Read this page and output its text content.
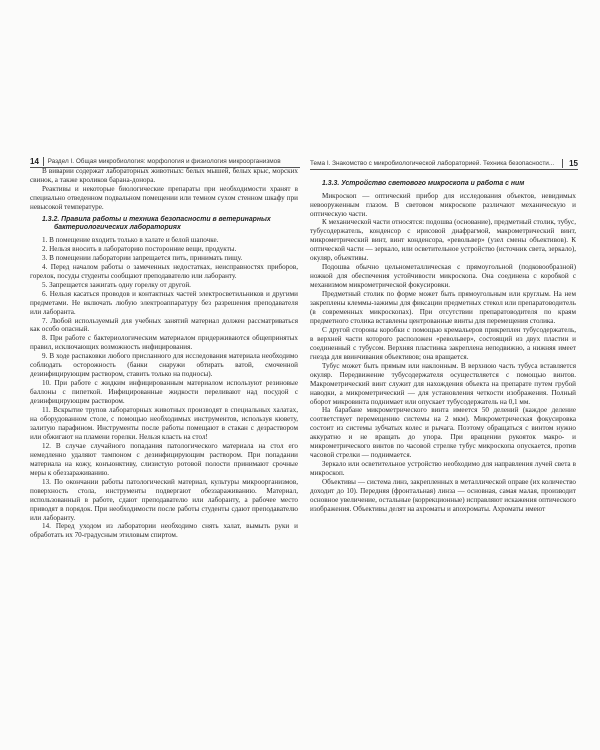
14 Раздел I. Общая микробиология: морфология и физиология микроорганизмов	Тема I. Знакомство с микробиологической лабораторией. Техника безопасности...	15

В виварии содержат лабораторных животных: белых мышей, белых крыс, морских свинок, а также кроликов барана-донора.

Реактивы и некоторые биологические препараты при необходимости хранят в специально отведенном подвальном помещении или темном сухом стенном шкафу при невысокой температуре.

1.3.2. Правила работы и техника безопасности в ветеринарных
бактериологических лабораториях

1. В помещение входить только в халате и белой шапочке.

2. Нельзя вносить в лабораторию посторонние вещи, продукты.

3. В помещении лаборатории запрещается пить, принимать пищу.

4. Перед началом работы о замеченных недостатках, неисправностях приборов, горелок, посуды студенты сообщают преподавателю или лаборанту.

5. Запрещается зажигать одну горелку от другой.

6. Нельзя касаться проводов и контактных частей электросветильников и другими предметами. Не включать любую электроаппаратуру без разрешения преподавателя или лаборанта.

7. Любой используемый для учебных занятий материал должен рассматриваться как особо опасный.

8. При работе с бактериологическим материалом придерживаются общепринятых правил, исключающих возможность инфицирования.

9. В ходе распаковки любого присланного для исследования материала необходимо соблюдать осторожность (банки снаружи обтирать ватой, смоченной дезинфицирующим раствором, ставить только на подносы).

10. При работе с жидким инфицированным материалом используют резиновые баллоны с пипеткой. Инфицированные жидкости переливают над посудой с дезинфицирующим раствором.

11. Вскрытие трупов лабораторных животных производят в специальных халатах, на оборудованном столе, с помощью необходимых инструментов, используя кювету, залитую парафином. Инструменты после работы помещают в стакан с дезраствором или обжигают на пламени горелки. Нельзя класть на стол!

12. В случае случайного попадания патологического материала на стол его немедленно удаляют тампоном с дезинфицирующим раствором. При попадании материала на кожу, конъюнктиву, слизистую ротовой полости принимают срочные меры к обеззараживанию.

13. По окончании работы патологический материал, культуры микроорганизмов, поверхность стола, инструменты подвергают обеззараживанию. Материал, использованный в работе, сдают преподавателю или лаборанту, а рабочее место приводят в порядок. При необходимости после работы студенты сдают преподавателю или лаборанту.

14. Перед уходом из лаборатории необходимо снять халат, вымыть руки и обработать их 70-градусным этиловым спиртом.

1.3.3. Устройство светового микроскопа и работа с ним

Микроскоп — оптический прибор для исследования объектов, невидимых невооруженным глазом. В световом микроскопе различают механическую и оптическую части.

К механической части относятся: подошва (основание), предметный столик, тубус, тубусодержатель, конденсор с ирисовой диафрагмой, макрометрический винт, микрометрический винт, винт конденсора, «револьвер» (узел смены объективов). К оптической части — зеркало, или осветительное устройство (источник света, зеркало), окуляр, объективы.

Подошва обычно цельнометаллическая с прямоугольной (подковообразной) ножкой для обеспечения устойчивости микроскопа. Она соединена с коробкой с механизмом микрометрической фокусировки.

Предметный столик по форме может быть прямоугольным или круглым. На нем закреплены клеммы-зажимы для фиксации предметных стекол или препаратоводитель (в современных микроскопах). При отсутствии препаратоводителя по краям предметного столика вставлены центрованные винты для перемещения столика.

С другой стороны коробки с помощью кремальеров прикреплен тубусодержатель, в верхней части которого расположен «револьвер», состоящий из двух пластин и соединенный с тубусом. Верхняя пластинка закреплена неподвижно, а нижняя имеет гнезда для ввинчивания объективов; она вращается.

Тубус может быть прямым или наклонным. В верхнюю часть тубуса вставляется окуляр. Передвижение тубусодержателя осуществляется с помощью винтов. Макрометрический винт служит для нахождения объекта на препарате путем грубой наводки, а микрометрический — для установления четкости изображения. Полный оборот микровинта поднимает или опускает тубусодержатель на 0,1 мм.

На барабане микрометрического винта имеется 50 делений (каждое деление соответствует перемещению системы на 2 мкм). Микрометрическая фокусировка состоит из системы зубчатых колес и рычага. Поэтому обращаться с винтом нужно аккуратно и не вращать до упора. При вращении рукояток макро- и микрометрического винтов по часовой стрелке тубус микроскопа опускается, против часовой стрелки — поднимается.

Зеркало или осветительное устройство необходимо для направления лучей света в микроскоп.

Объективы — система линз, закрепленных в металлической оправе (их количество доходит до 10). Передняя (фронтальная) линза — основная, самая малая, производит основное увеличение, остальные (коррекционные) исправляют искажения оптического изображения. Объективы делят на ахроматы и апохроматы. Ахроматы имеют
